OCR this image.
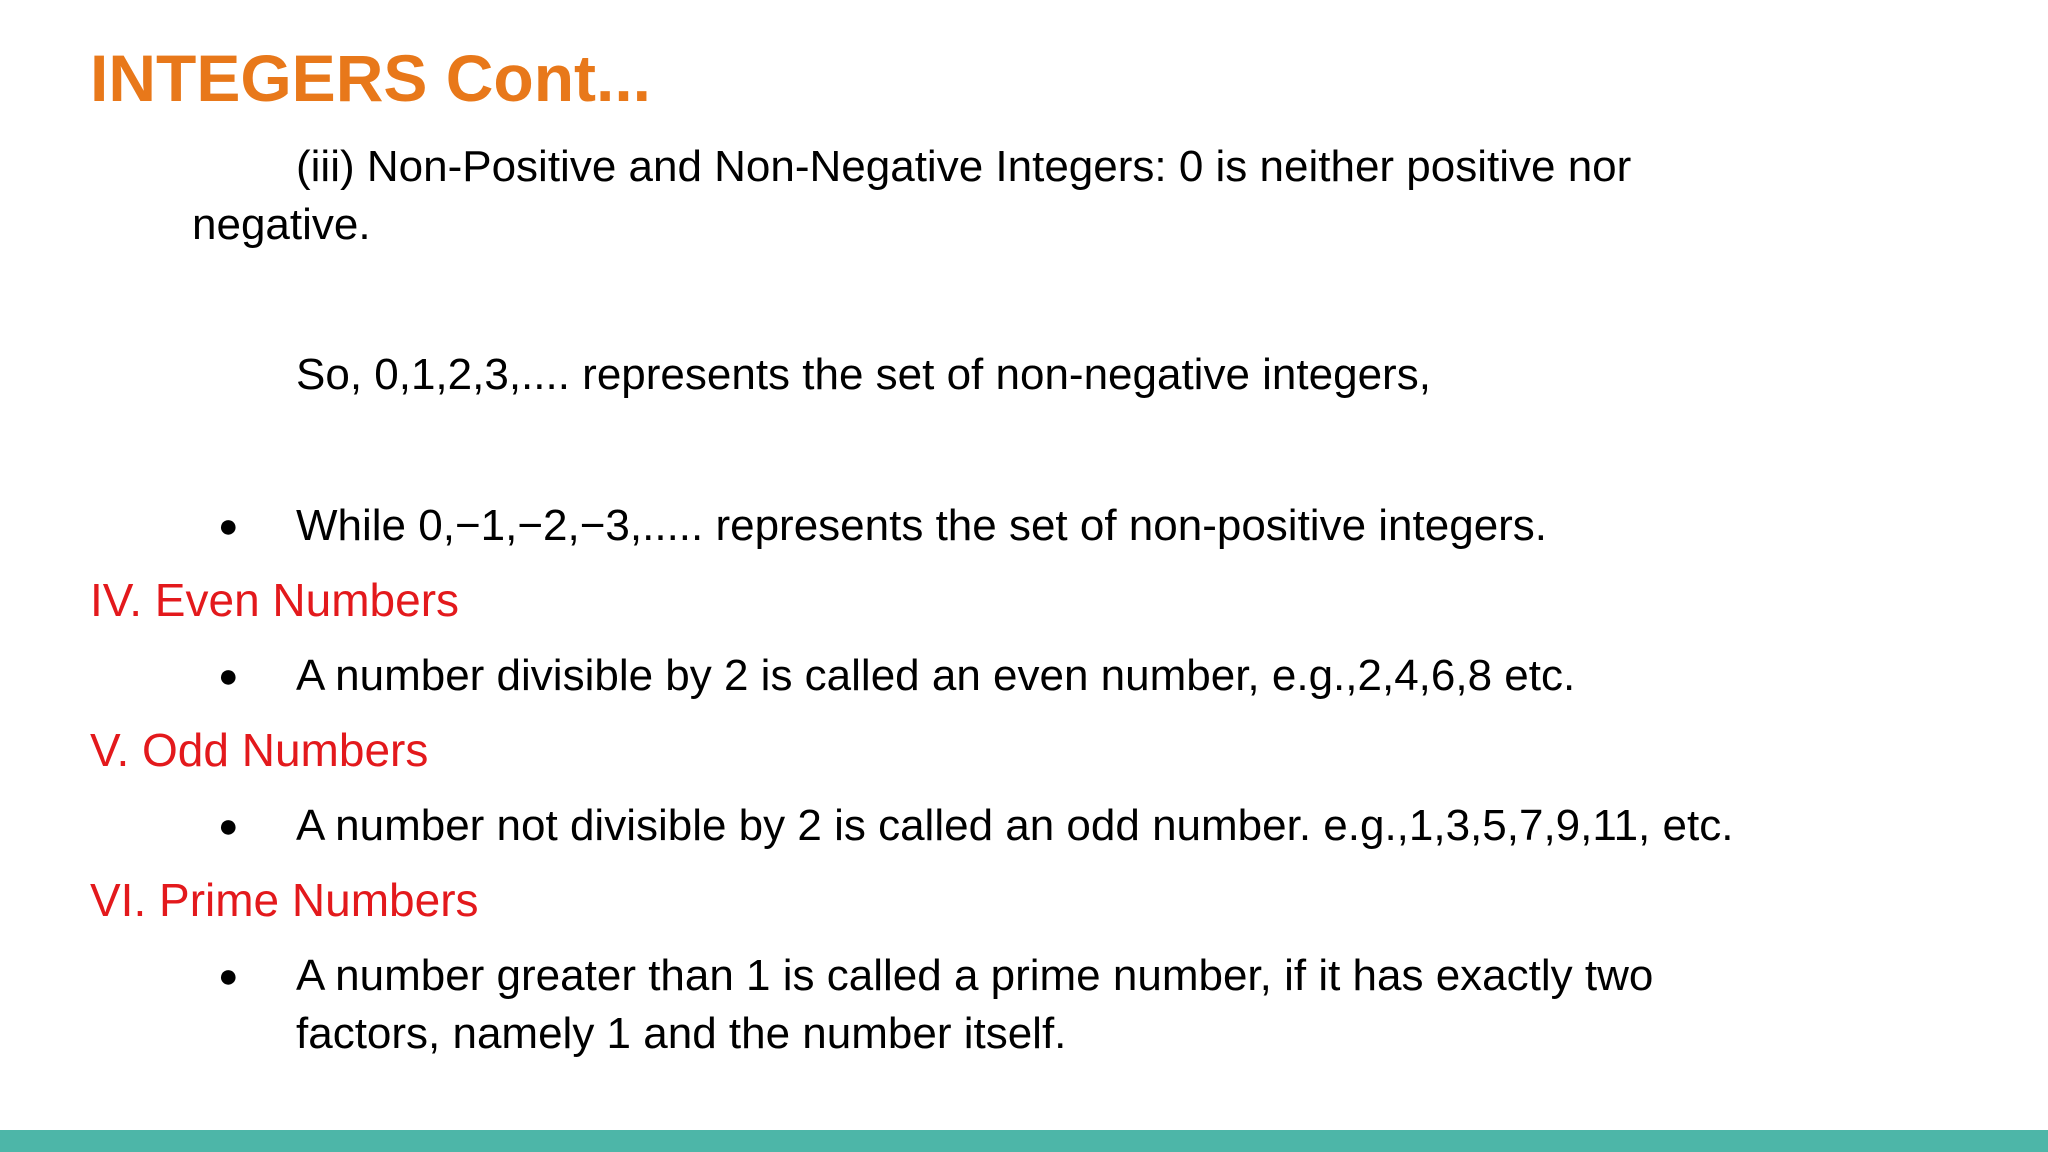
INTEGERS Cont...
(iii) Non-Positive and Non-Negative Integers: 0 is neither positive nor
negative.
So, 0,1,2,3,.... represents the set of non-negative integers,
● While 0,−1,−2,−3,..... represents the set of non-positive integers.
IV. Even Numbers
● A number divisible by 2 is called an even number, e.g.,2,4,6,8 etc.
V. Odd Numbers
● A number not divisible by 2 is called an odd number. e.g.,1,3,5,7,9,11, etc.
VI. Prime Numbers
● A number greater than 1 is called a prime number, if it has exactly two
factors, namely 1 and the number itself.
